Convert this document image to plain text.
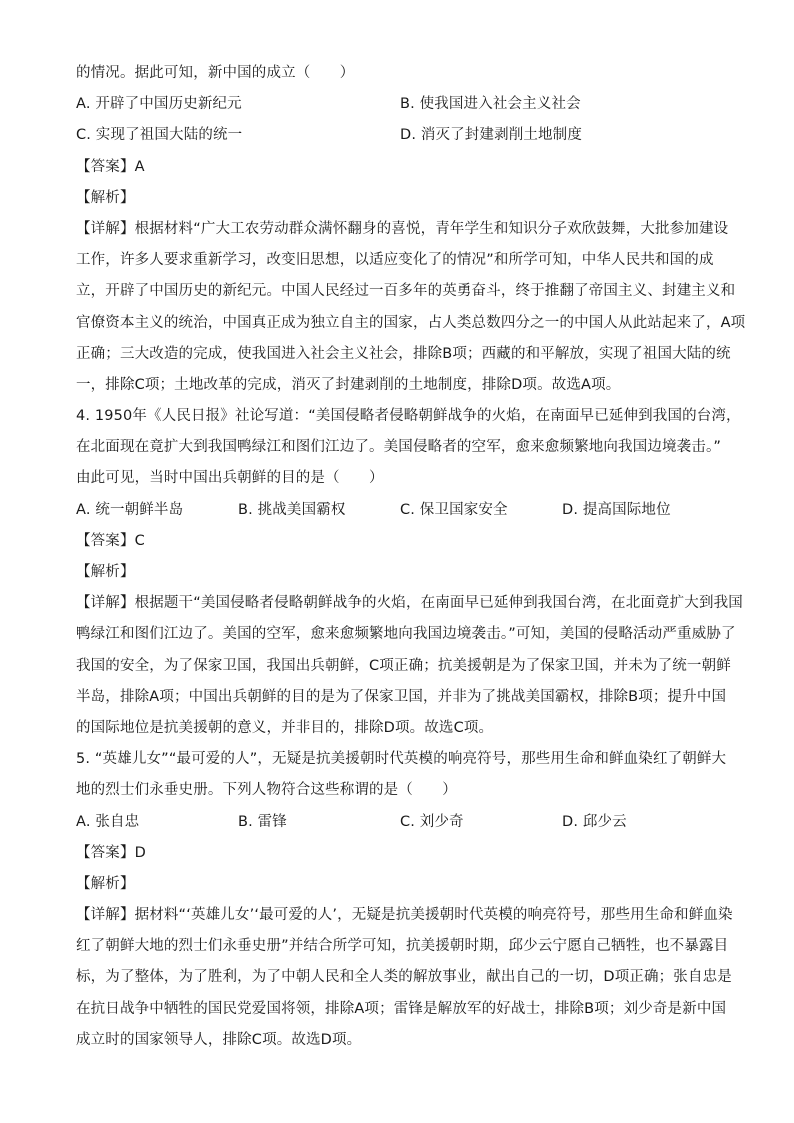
的情况。据此可知，新中国的成立（　　）
A. 开辟了中国历史新纪元	B. 使我国进入社会主义社会
C. 实现了祖国大陆的统一	D. 消灭了封建剥削土地制度
【答案】A
【解析】
【详解】根据材料“广大工农劳动群众满怀翻身的喜悦，青年学生和知识分子欢欣鼓舞，大批参加建设
工作，许多人要求重新学习，改变旧思想，以适应变化了的情况”和所学可知，中华人民共和国的成
立，开辟了中国历史的新纪元。中国人民经过一百多年的英勇奋斗，终于推翻了帝国主义、封建主义和
官僚资本主义的统治，中国真正成为独立自主的国家，占人类总数四分之一的中国人从此站起来了，A项
正确；三大改造的完成，使我国进入社会主义社会，排除B项；西藏的和平解放，实现了祖国大陆的统
一，排除C项；土地改革的完成，消灭了封建剥削的土地制度，排除D项。故选A项。
4. 1950年《人民日报》社论写道：“美国侵略者侵略朝鲜战争的火焰，在南面早已延伸到我国的台湾，
在北面现在竟扩大到我国鸭绿江和图们江边了。美国侵略者的空军，愈来愈频繁地向我国边境袭击。”
由此可见，当时中国出兵朝鲜的目的是（　　）
A. 统一朝鲜半岛	B. 挑战美国霸权	C. 保卫国家安全	D. 提高国际地位
【答案】C
【解析】
【详解】根据题干“美国侵略者侵略朝鲜战争的火焰，在南面早已延伸到我国台湾，在北面竟扩大到我国
鸭绿江和图们江边了。美国的空军，愈来愈频繁地向我国边境袭击。”可知，美国的侵略活动严重威胁了
我国的安全，为了保家卫国，我国出兵朝鲜，C项正确；抗美援朝是为了保家卫国，并未为了统一朝鲜
半岛，排除A项；中国出兵朝鲜的目的是为了保家卫国，并非为了挑战美国霸权，排除B项；提升中国
的国际地位是抗美援朝的意义，并非目的，排除D项。故选C项。
5. “英雄儿女”“最可爱的人”，无疑是抗美援朝时代英模的响亮符号，那些用生命和鲜血染红了朝鲜大
地的烈士们永垂史册。下列人物符合这些称谓的是（　　）
A. 张自忠	B. 雷锋	C. 刘少奇	D. 邱少云
【答案】D
【解析】
【详解】据材料“‘英雄儿女’‘最可爱的人’，无疑是抗美援朝时代英模的响亮符号，那些用生命和鲜血染
红了朝鲜大地的烈士们永垂史册”并结合所学可知，抗美援朝时期，邱少云宁愿自己牺牲，也不暴露目
标，为了整体，为了胜利，为了中朝人民和全人类的解放事业，献出自己的一切，D项正确；张自忠是
在抗日战争中牺牲的国民党爱国将领，排除A项；雷锋是解放军的好战士，排除B项；刘少奇是新中国
成立时的国家领导人，排除C项。故选D项。
